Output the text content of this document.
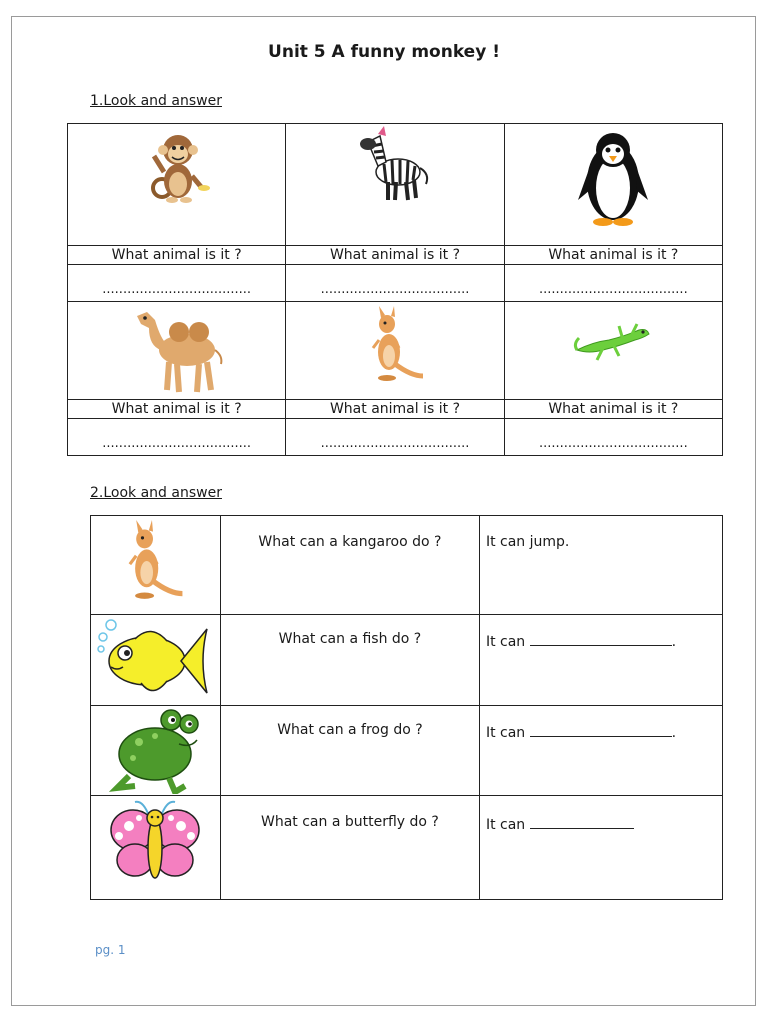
Unit 5 A funny monkey !
1.Look and answer

What animal is it ?	What animal is it ?	What animal is it ?

....................................	....................................	....................................

What animal is it ?	What animal is it ?	What animal is it ?

....................................	....................................	....................................
2.Look and answer

What can a kangaroo do ?	It can jump.

What can a fish do ?	It can .

What can a frog do ?	It can .

What can a butterfly do ?	It can
pg. 1
